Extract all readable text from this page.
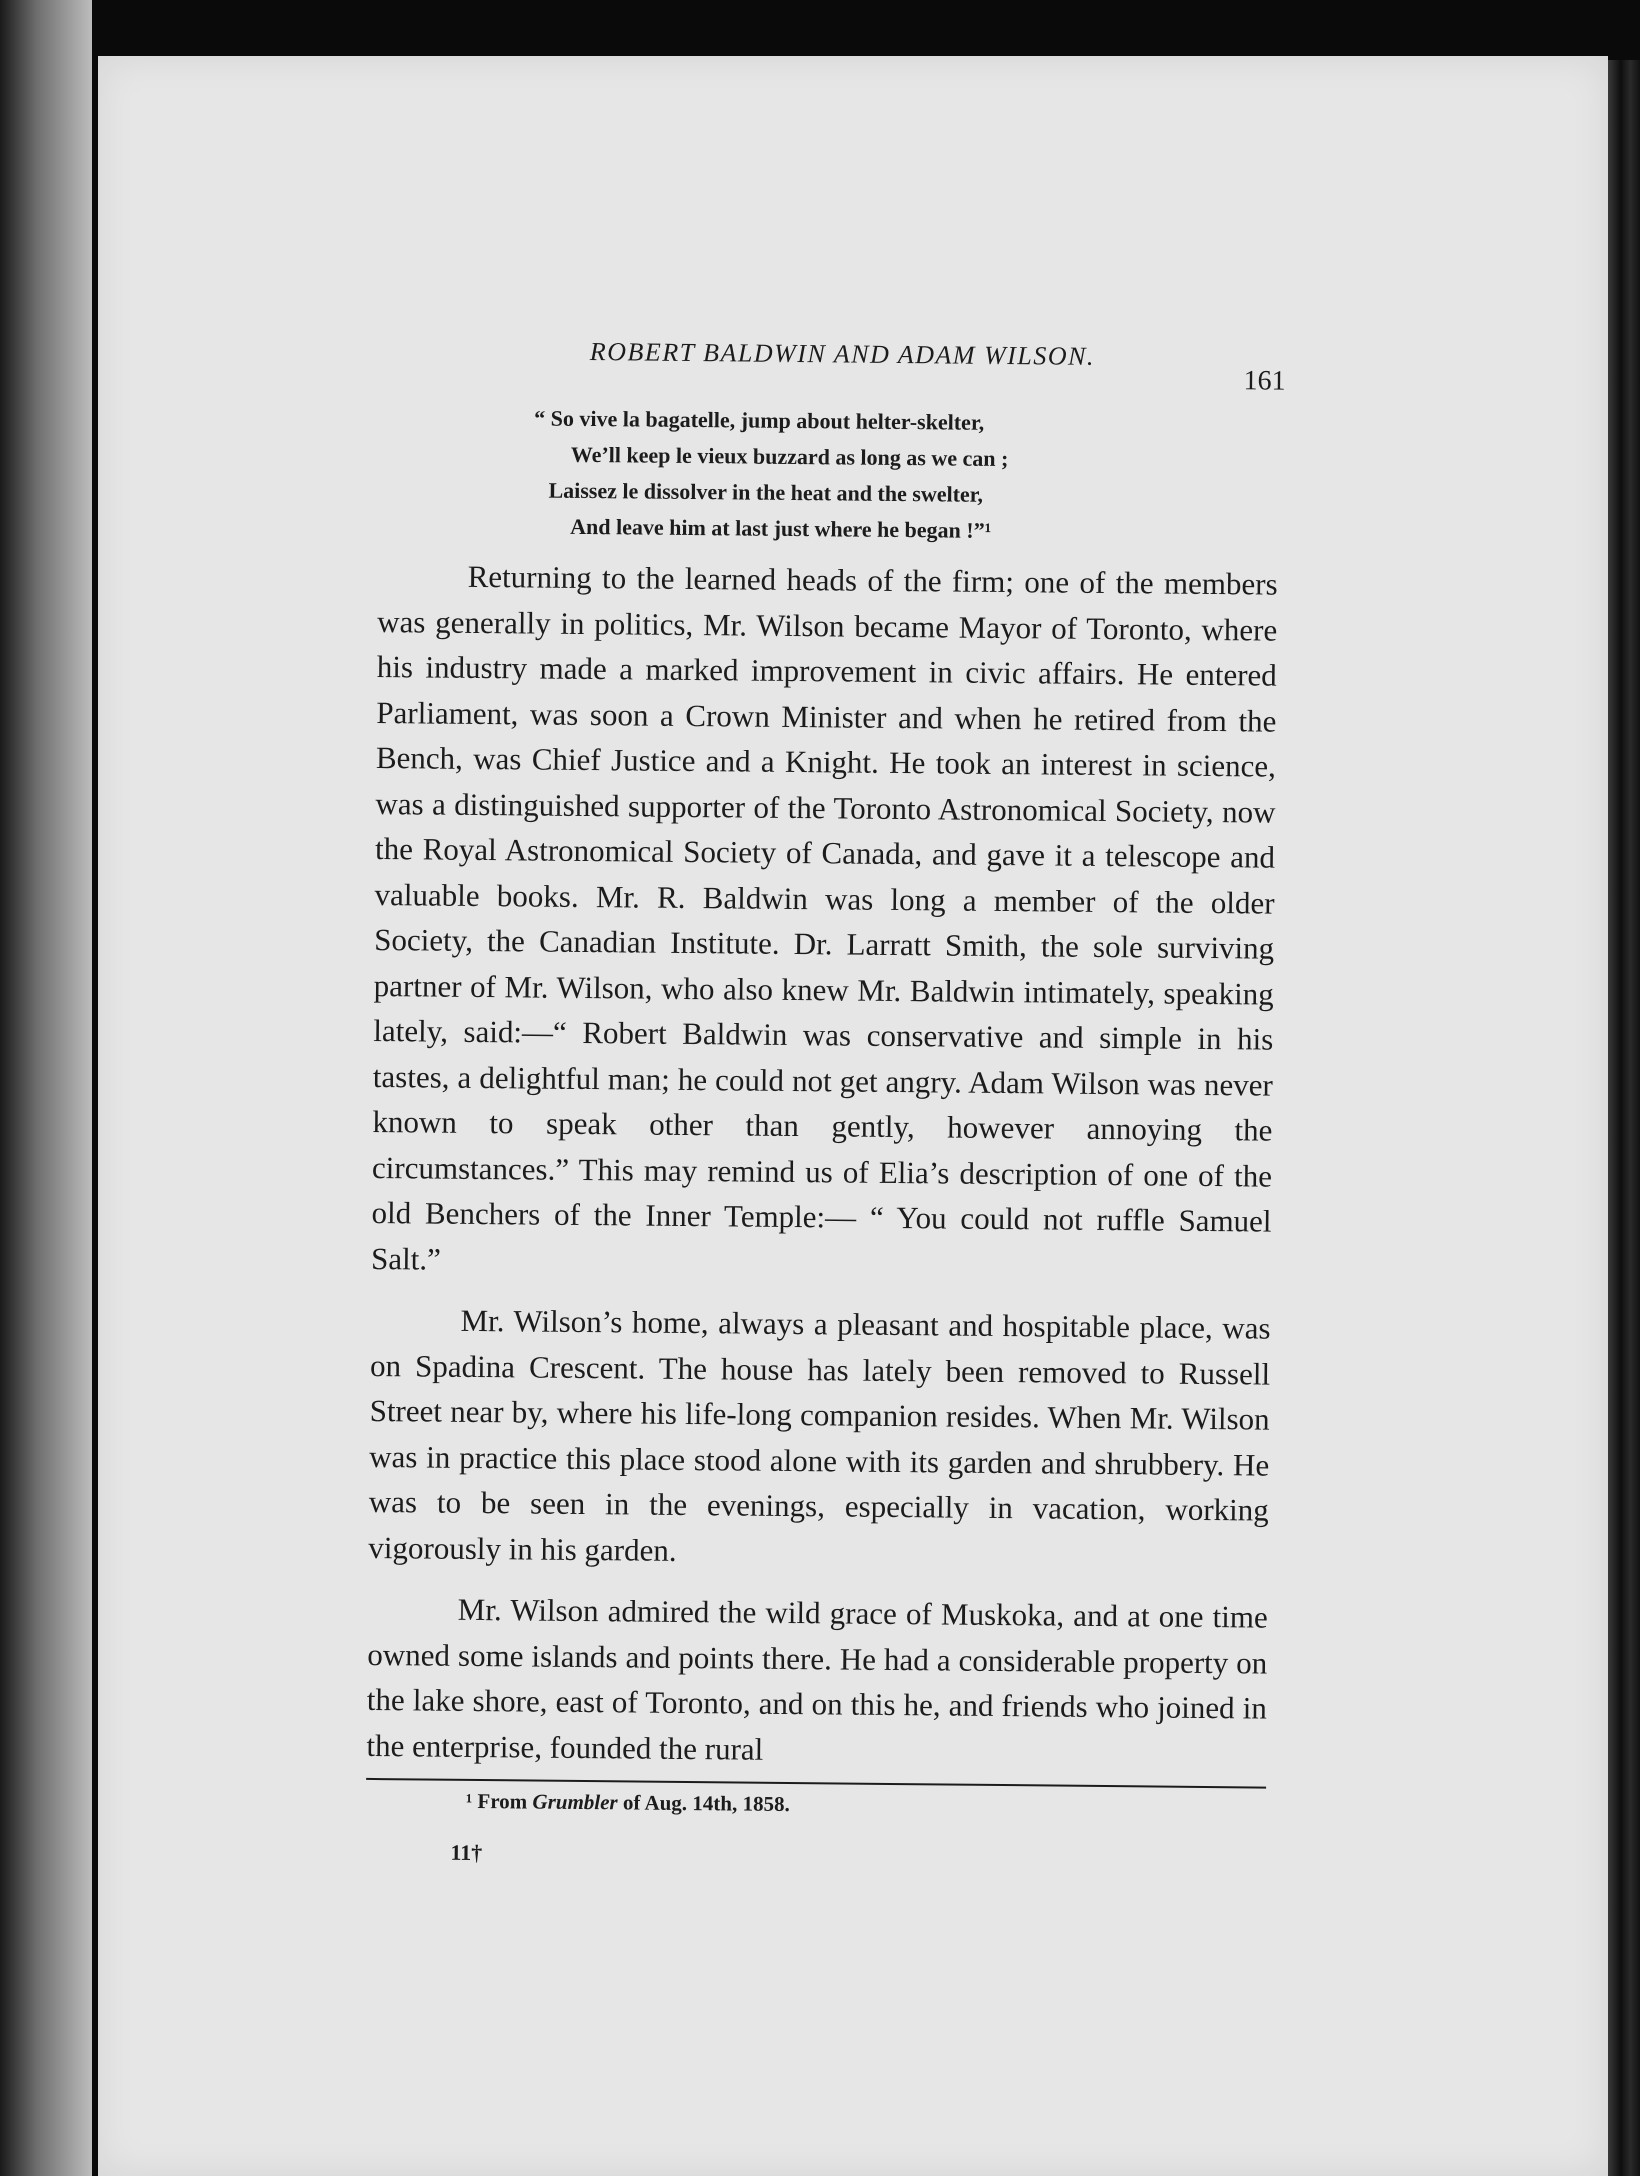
ROBERT BALDWIN AND ADAM WILSON.
161
“ So vive la bagatelle, jump about helter-skelter,
We’ll keep le vieux buzzard as long as we can ;
Laissez le dissolver in the heat and the swelter,
And leave him at last just where he began !”¹

Returning to the learned heads of the firm; one of the members was generally in politics, Mr. Wilson became Mayor of Toronto, where his industry made a marked improvement in civic affairs. He entered Parliament, was soon a Crown Minister and when he retired from the Bench, was Chief Justice and a Knight. He took an interest in science, was a distinguished supporter of the Toronto Astronomical Society, now the Royal Astronomical Society of Canada, and gave it a telescope and valuable books. Mr. R. Baldwin was long a member of the older Society, the Canadian Institute. Dr. Larratt Smith, the sole surviving partner of Mr. Wilson, who also knew Mr. Baldwin intimately, speaking lately, said:—“ Robert Baldwin was conservative and simple in his tastes, a delightful man; he could not get angry. Adam Wilson was never known to speak other than gently, however annoying the circumstances.” This may remind us of Elia’s description of one of the old Benchers of the Inner Temple:— “ You could not ruffle Samuel Salt.”

Mr. Wilson’s home, always a pleasant and hospitable place, was on Spadina Crescent. The house has lately been removed to Russell Street near by, where his life-long companion resides. When Mr. Wilson was in practice this place stood alone with its garden and shrubbery. He was to be seen in the evenings, especially in vacation, working vigorously in his garden.

Mr. Wilson admired the wild grace of Muskoka, and at one time owned some islands and points there. He had a considerable property on the lake shore, east of Toronto, and on this he, and friends who joined in the enterprise, founded the rural

¹ From Grumbler of Aug. 14th, 1858.
11†
